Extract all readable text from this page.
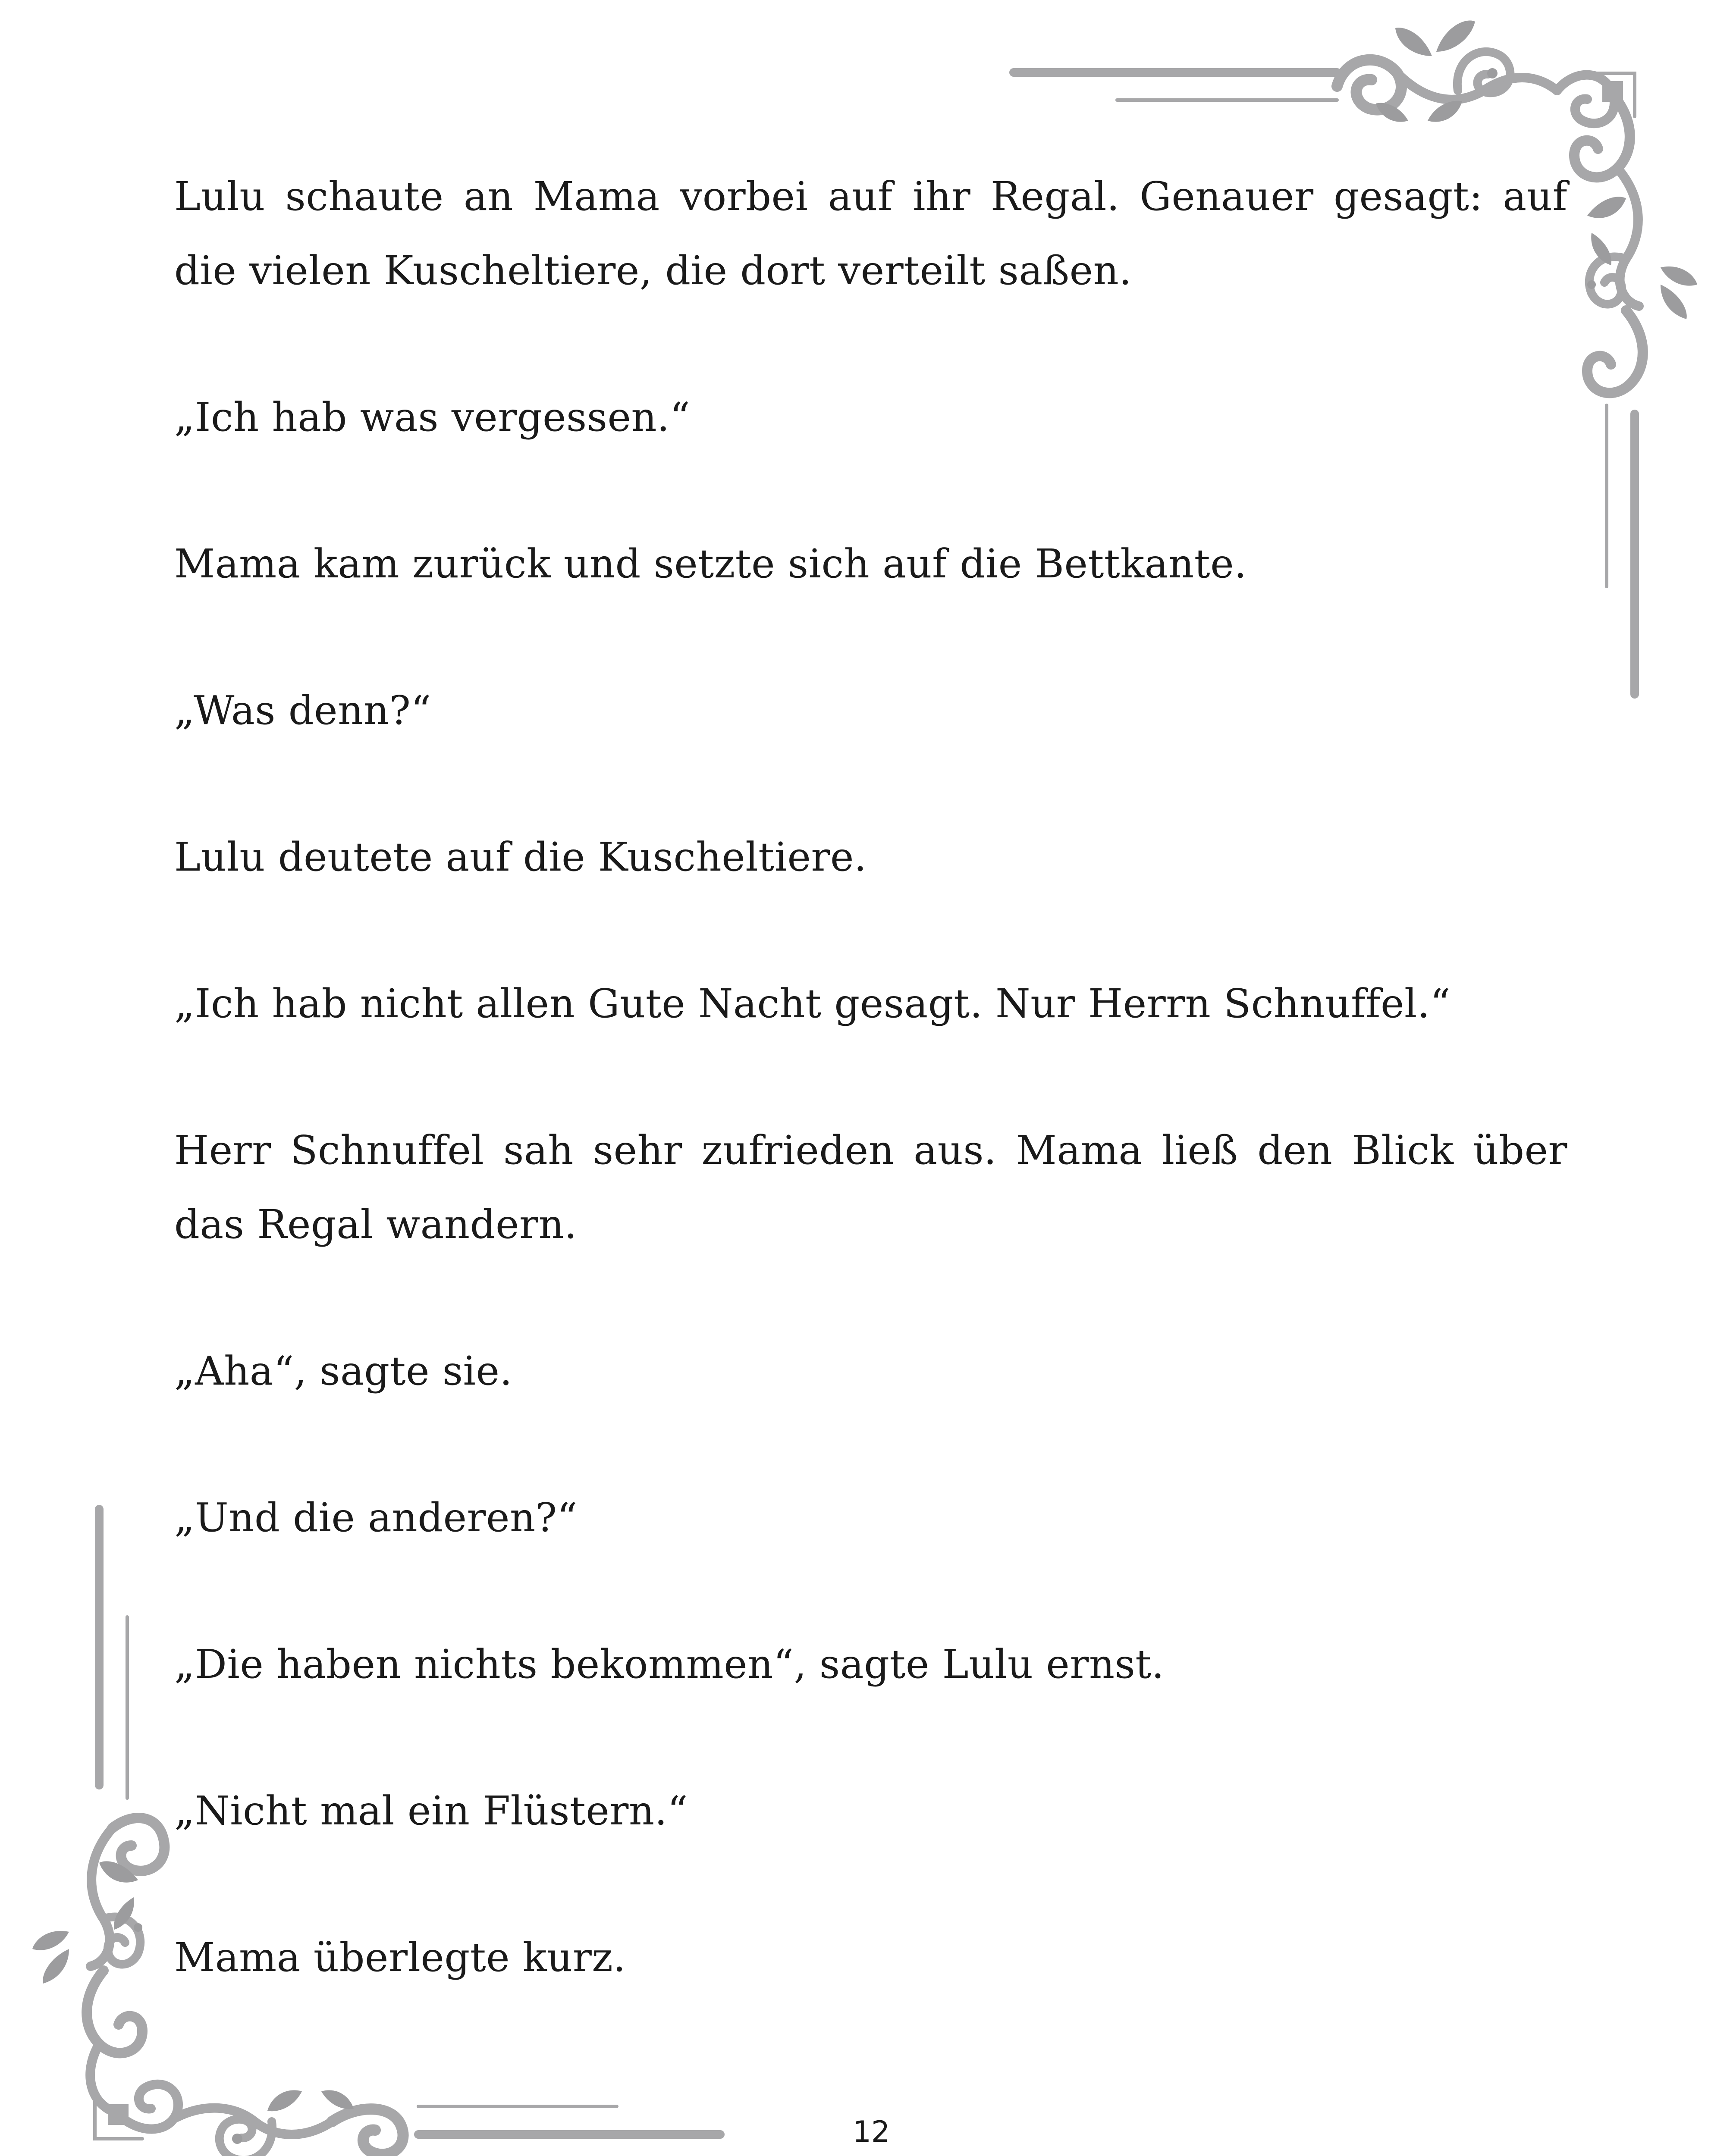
Lulu schaute an Mama vorbei auf ihr Regal. Genauer gesagt: auf die vielen Kuscheltiere, die dort verteilt saßen.

„Ich hab was vergessen.“

Mama kam zurück und setzte sich auf die Bettkante.

„Was denn?“

Lulu deutete auf die Kuscheltiere.

„Ich hab nicht allen Gute Nacht gesagt. Nur Herrn Schnuffel.“

Herr Schnuffel sah sehr zufrieden aus. Mama ließ den Blick über das Regal wandern.

„Aha“, sagte sie.

„Und die anderen?“

„Die haben nichts bekommen“, sagte Lulu ernst.

„Nicht mal ein Flüstern.“

Mama überlegte kurz.

12
